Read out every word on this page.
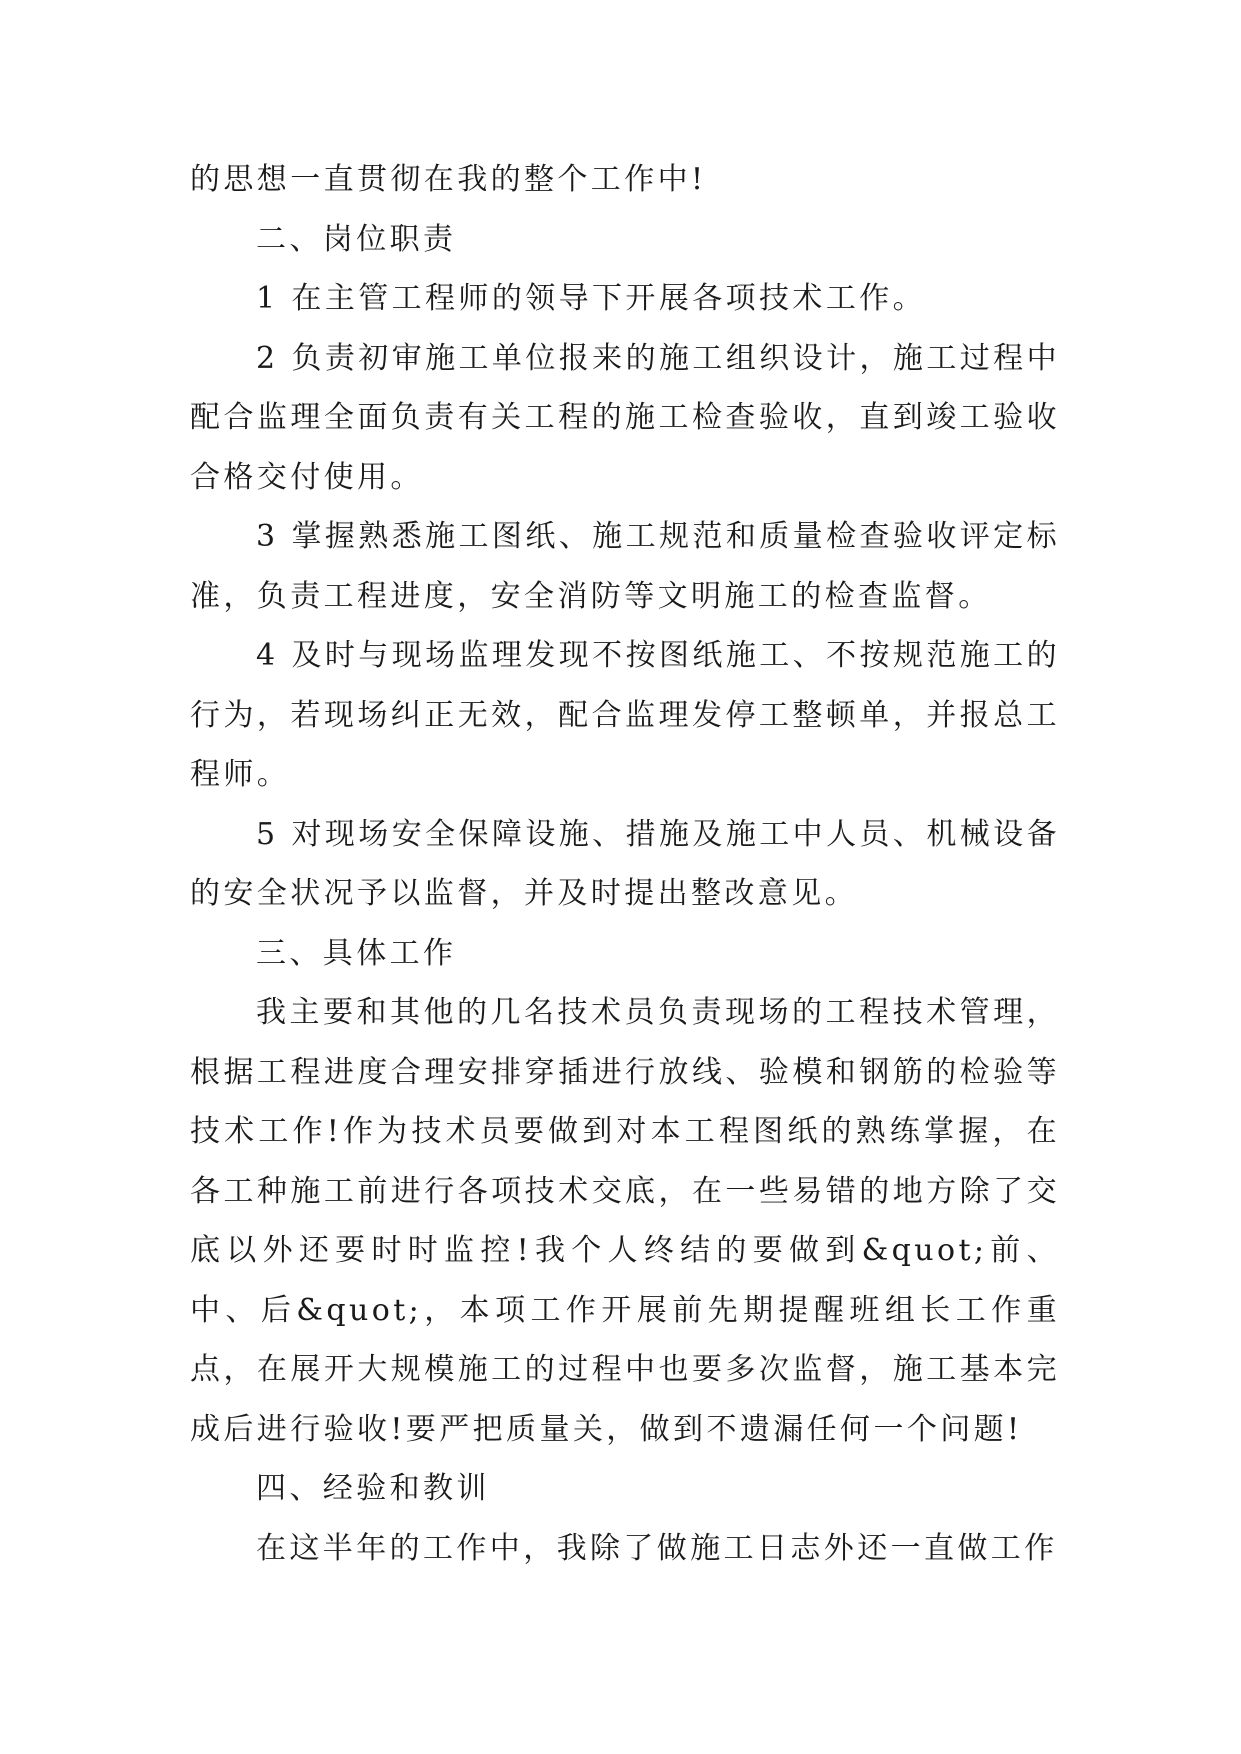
的思想一直贯彻在我的整个工作中!

二、岗位职责

1 在主管工程师的领导下开展各项技术工作。

2 负责初审施工单位报来的施工组织设计，施工过程中配合监理全面负责有关工程的施工检查验收，直到竣工验收合格交付使用。

3 掌握熟悉施工图纸、施工规范和质量检查验收评定标准，负责工程进度，安全消防等文明施工的检查监督。

4 及时与现场监理发现不按图纸施工、不按规范施工的行为，若现场纠正无效，配合监理发停工整顿单，并报总工程师。

5 对现场安全保障设施、措施及施工中人员、机械设备的安全状况予以监督，并及时提出整改意见。

三、具体工作

我主要和其他的几名技术员负责现场的工程技术管理，根据工程进度合理安排穿插进行放线、验模和钢筋的检验等技术工作!作为技术员要做到对本工程图纸的熟练掌握，在各工种施工前进行各项技术交底，在一些易错的地方除了交底以外还要时时监控!我个人终结的要做到&quot;前、中、后&quot;，本项工作开展前先期提醒班组长工作重点，在展开大规模施工的过程中也要多次监督，施工基本完成后进行验收!要严把质量关，做到不遗漏任何一个问题!

四、经验和教训

在这半年的工作中，我除了做施工日志外还一直做工作
